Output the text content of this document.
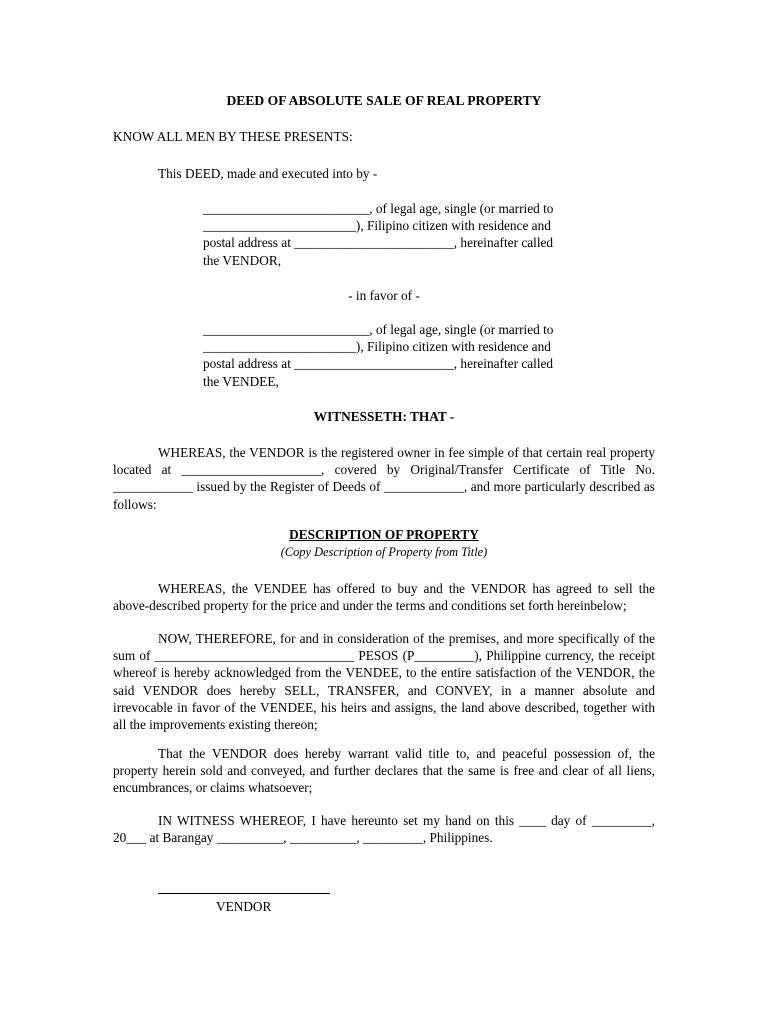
DEED OF ABSOLUTE SALE OF REAL PROPERTY
KNOW ALL MEN BY THESE PRESENTS:
This DEED, made and executed into by -
_________________________, of legal age, single (or married to
_______________________), Filipino citizen with residence and
postal address at ________________________, hereinafter called
the VENDOR,
- in favor of -
_________________________, of legal age, single (or married to
_______________________), Filipino citizen with residence and
postal address at ________________________, hereinafter called
the VENDEE,
WITNESSETH: THAT -

WHEREAS, the VENDOR is the registered owner in fee simple of that certain real property located at _____________________, covered by Original/Transfer Certificate of Title No. ____________ issued by the Register of Deeds of ____________, and more particularly described as follows:

DESCRIPTION OF PROPERTY
(Copy Description of Property from Title)

WHEREAS, the VENDEE has offered to buy and the VENDOR has agreed to sell the above-described property for the price and under the terms and conditions set forth hereinbelow;

NOW, THEREFORE, for and in consideration of the premises, and more specifically of the sum of ______________________________ PESOS (P_________), Philippine currency, the receipt whereof is hereby acknowledged from the VENDEE, to the entire satisfaction of the VENDOR, the said VENDOR does hereby SELL, TRANSFER, and CONVEY, in a manner absolute and irrevocable in favor of the VENDEE, his heirs and assigns, the land above described, together with all the improvements existing thereon;

That the VENDOR does hereby warrant valid title to, and peaceful possession of, the property herein sold and conveyed, and further declares that the same is free and clear of all liens, encumbrances, or claims whatsoever;

IN WITNESS WHEREOF, I have hereunto set my hand on this ____ day of _________, 20___ at Barangay __________, __________, _________, Philippines.

VENDOR
